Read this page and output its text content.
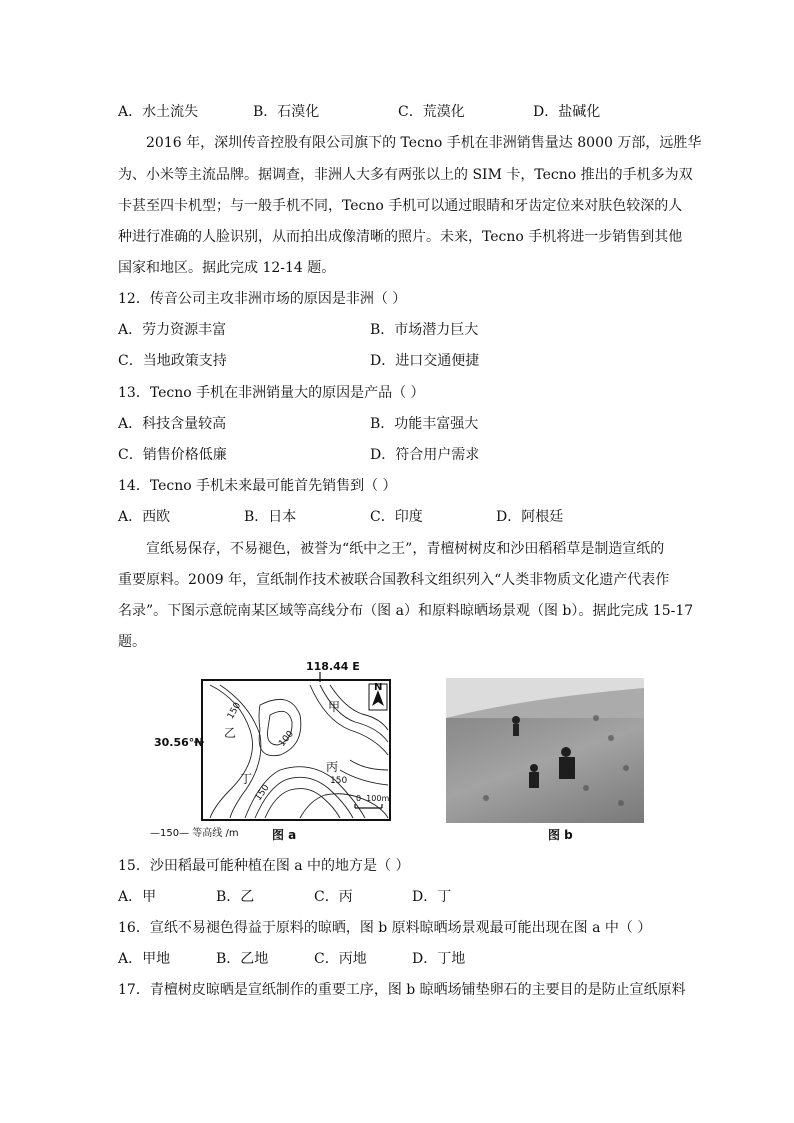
A．水土流失	B．石漠化	C．荒漠化	D．盐碱化
2016 年，深圳传音控股有限公司旗下的 Tecno 手机在非洲销售量达 8000 万部，远胜华
为、小米等主流品牌。据调查，非洲人大多有两张以上的 SIM 卡，Tecno 推出的手机多为双
卡甚至四卡机型；与一般手机不同，Tecno 手机可以通过眼睛和牙齿定位来对肤色较深的人
种进行准确的人脸识别，从而拍出成像清晰的照片。未来，Tecno 手机将进一步销售到其他
国家和地区。据此完成 12-14 题。
12．传音公司主攻非洲市场的原因是非洲（ ）
A．劳力资源丰富	B．市场潜力巨大
C．当地政策支持	D．进口交通便捷
13．Tecno 手机在非洲销量大的原因是产品（ ）
A．科技含量较高	B．功能丰富强大
C．销售价格低廉	D．符合用户需求
14．Tecno 手机未来最可能首先销售到（ ）
A．西欧	B．日本	C．印度	D．阿根廷
宣纸易保存，不易褪色，被誉为“纸中之王”，青檀树树皮和沙田稻稻草是制造宣纸的
重要原料。2009 年，宣纸制作技术被联合国教科文组织列入“人类非物质文化遗产代表作
名录”。下图示意皖南某区域等高线分布（图 a）和原料晾晒场景观（图 b）。据此完成 15-17
题。
118.44 E
30.56°N
N
甲
乙
丙
丁
150
100
150
150	0  100m
—150— 等高线 /m	图 a	图 b
15．沙田稻最可能种植在图 a 中的地方是（ ）
A．甲	B．乙	C．丙	D．丁
16．宣纸不易褪色得益于原料的晾晒，图 b 原料晾晒场景观最可能出现在图 a 中（ ）
A．甲地	B．乙地	C．丙地	D．丁地
17．青檀树皮晾晒是宣纸制作的重要工序，图 b 晾晒场铺垫卵石的主要目的是防止宣纸原料
